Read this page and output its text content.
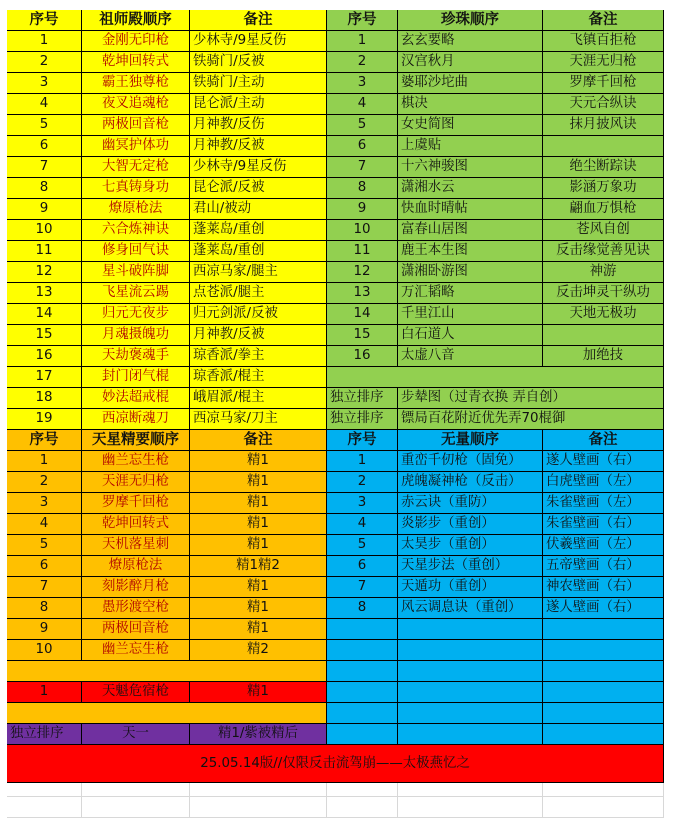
序号	祖师殿顺序	备注
1	金刚无印枪	少林寺/9星反伤
2	乾坤回转式	铁骑门/反被
3	霸王独尊枪	铁骑门/主动
4	夜叉追魂枪	昆仑派/主动
5	两极回音枪	月神教/反伤
6	幽冥护体功	月神教/反被
7	大智无定枪	少林寺/9星反伤
8	七真铸身功	昆仑派/反被
9	燎原枪法	君山/被动
10	六合炼神诀	蓬莱岛/重创
11	修身回气诀	蓬莱岛/重创
12	星斗破阵脚	西凉马家/腿主
13	飞星流云踢	点苍派/腿主
14	归元无夜步	归元剑派/反被
15	月魂摄魄功	月神教/反被
16	天劫褒魂手	琼香派/拳主
17	封门闭气棍	琼香派/棍主
18	妙法超戒棍	峨眉派/棍主
19	西凉断魂刀	西凉马家/刀主
序号	珍珠顺序	备注
1	玄玄要略	飞镇百拒枪
2	汉宫秋月	天涯无归枪
3	婆耶沙坨曲	罗摩千回枪
4	棋决	天元合纵诀
5	女史简图	抹月披风诀
6	上虞贴
7	十六神骏图	绝尘断踪诀
8	潇湘水云	影涵万象功
9	快血时晴帖	翩血万惧枪
10	富春山居图	苍风自创
11	鹿王本生图	反击缘觉善见诀
12	潇湘卧游图	神游
13	万汇韬略	反击坤灵干纵功
14	千里江山	天地无极功
15	白石道人
16	太虚八音	加绝技
独立排序	步辇图（过青衣换 弄自创）
独立排序	镖局百花附近优先弄70棍御
序号	天星精要顺序	备注
1	幽兰忘生枪	精1
2	天涯无归枪	精1
3	罗摩千回枪	精1
4	乾坤回转式	精1
5	天机落星刺	精1
6	燎原枪法	精1精2
7	刻影醉月枪	精1
8	愚形渡空枪	精1
9	两极回音枪	精1
10	幽兰忘生枪	精2
1	天魁危宿枪	精1
独立排序	天一	精1/紫被精后
序号	无量顺序	备注
1	重峦千仞枪（固免）	遂人壁画（右）
2	虎魄凝神枪（反击）	白虎壁画（左）
3	赤云诀（重防）	朱雀壁画（左）
4	炎影步（重创）	朱雀壁画（右）
5	太昊步（重创）	伏羲壁画（左）
6	天星步法（重创）	五帝壁画（右）
7	天遁功（重创）	神农壁画（右）
8	风云调息诀（重创）	遂人壁画（右）
25.05.14版//仅限反击流驾崩——太极燕忆之
